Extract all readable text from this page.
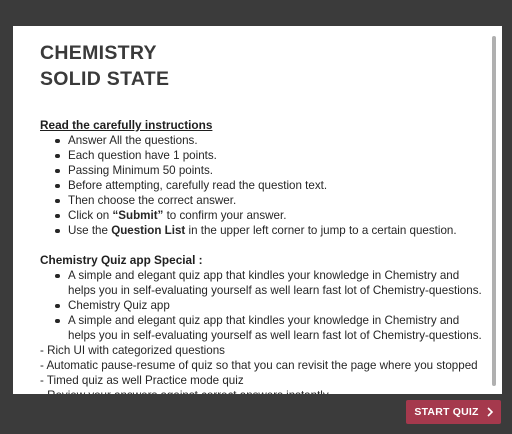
CHEMISTRY
SOLID STATE
Read the carefully instructions
Answer All the questions.
Each question have 1 points.
Passing Minimum 50 points.
Before attempting, carefully read the question text.
Then choose the correct answer.
Click on “Submit” to confirm your answer.
Use the Question List in the upper left corner to jump to a certain question.
Chemistry Quiz app Special :
A simple and elegant quiz app that kindles your knowledge in Chemistry and
helps you in self-evaluating yourself as well learn fast lot of Chemistry-questions.
Chemistry Quiz app
A simple and elegant quiz app that kindles your knowledge in Chemistry and
helps you in self-evaluating yourself as well learn fast lot of Chemistry-questions.
- Rich UI with categorized questions
- Automatic pause-resume of quiz so that you can revisit the page where you stopped
- Timed quiz as well Practice mode quiz
START QUIZ
